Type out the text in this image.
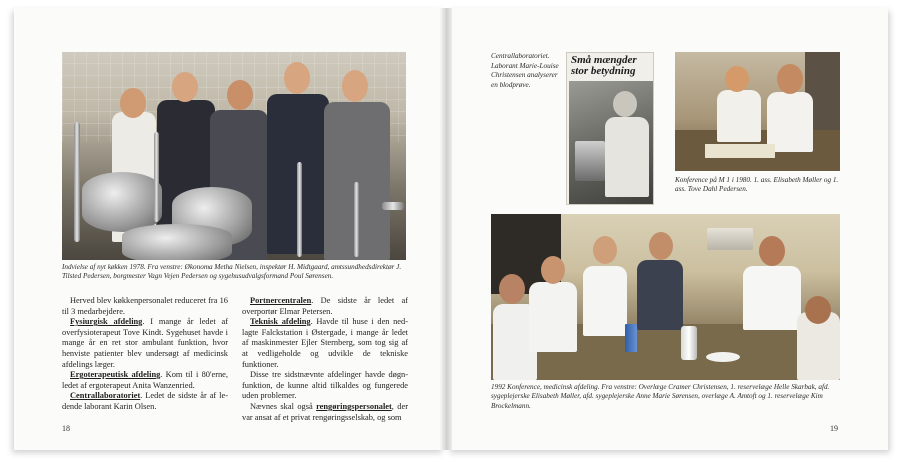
Indvielse af nyt køkken 1978. Fra venstre: Økonoma Metha Nielsen, inspektør H. Midtgaard, amtssundhedsdirektør J. Tilsted Pedersen, borgmester Vagn Vejen Pedersen og sygehusudvalgsformand Poul Sørensen.

Herved blev køkkenpersonalet reduceret fra 16 til 3 medarbejdere.

Fysiurgisk afdeling. I mange år ledet af overfysioterapeut Tove Kindt. Sygehuset havde i mange år en ret stor ambulant funktion, hvor henviste patienter blev undersøgt af medicinsk afdelings læger.

Ergoterapeutisk afdeling. Kom til i 80'erne, ledet af ergoterapeut Anita Wanzenried.

Centrallaboratoriet. Ledet de sidste år af ledende laborant Karin Olsen.

Portnercentralen. De sidste år ledet af overportør Elmar Petersen.

Teknisk afdeling. Havde til huse i den nedlagte Falckstation i Østergade, i mange år ledet af maskinmester Ejler Sternberg, som tog sig af at vedligeholde og udvikle de tekniske funktioner.

Disse tre sidstnævnte afdelinger havde døgnfunktion, de kunne altid tilkaldes og fungerede uden problemer.

Nævnes skal også rengøringspersonalet, der var ansat af et privat rengøringsselskab, og som

18
Centrallaboratoriet. Laborant Marie-Louise Christensen analyserer en blodprøve.
Små mængder stor betydning
Konference på M 1 i 1980. 1. ass. Elisabeth Møller og 1. ass. Tove Dahl Pedersen.
1992 Konference, medicinsk afdeling. Fra venstre: Overlæge Cramer Christensen, 1. reservelæge Helle Skarbak, afd. sygeplejerske Elisabeth Møller, afd. sygeplejerske Anne Marie Sørensen, overlæge A. Amtoft og 1. reservelæge Kim Brockelmann.
19
